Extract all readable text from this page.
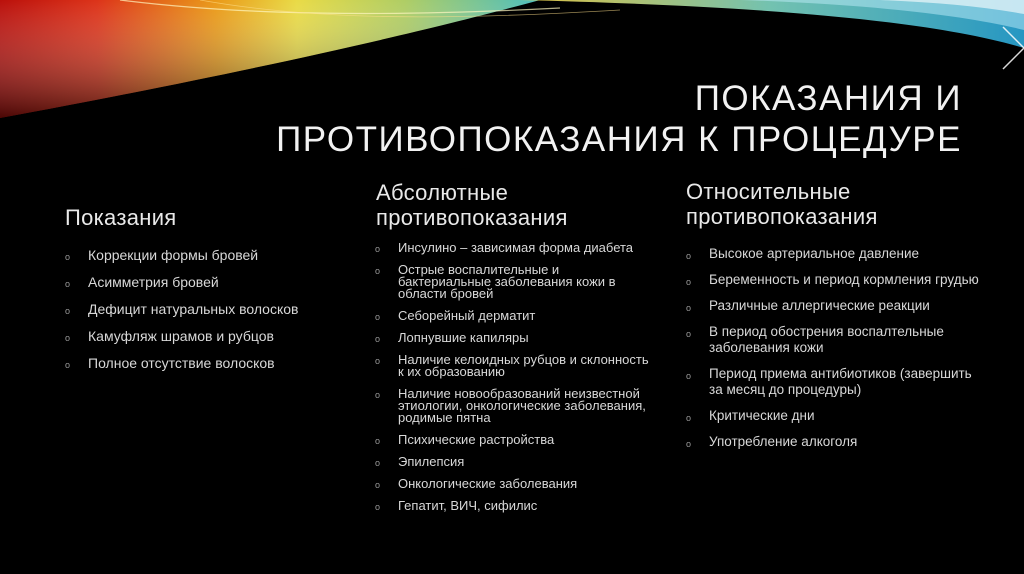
ПОКАЗАНИЯ И
ПРОТИВОПОКАЗАНИЯ К ПРОЦЕДУРЕ
Показания
o Коррекции формы бровей
o Асимметрия бровей
o Дефицит натуральных волосков
o Камуфляж шрамов и рубцов
o Полное отсутствие волосков
Абсолютные
противопоказания
o Инсулино – зависимая форма диабета
o Острые воспалительные и бактериальные заболевания кожи в области бровей
o Себорейный дерматит
o Лопнувшие капиляры
o Наличие келоидных рубцов и склонность к их образованию
o Наличие новообразований неизвестной этиологии, онкологические заболевания, родимые пятна
o Психические растройства
o Эпилепсия
o Онкологические заболевания
o Гепатит, ВИЧ, сифилис
Относительные
противопоказания
o Высокое артериальное давление
o Беременность и период кормления грудью
o Различные аллергические реакции
o В период обострения воспалтельные заболевания кожи
o Период приема антибиотиков (завершить за месяц до процедуры)
o Критические дни
o Употребление алкоголя
